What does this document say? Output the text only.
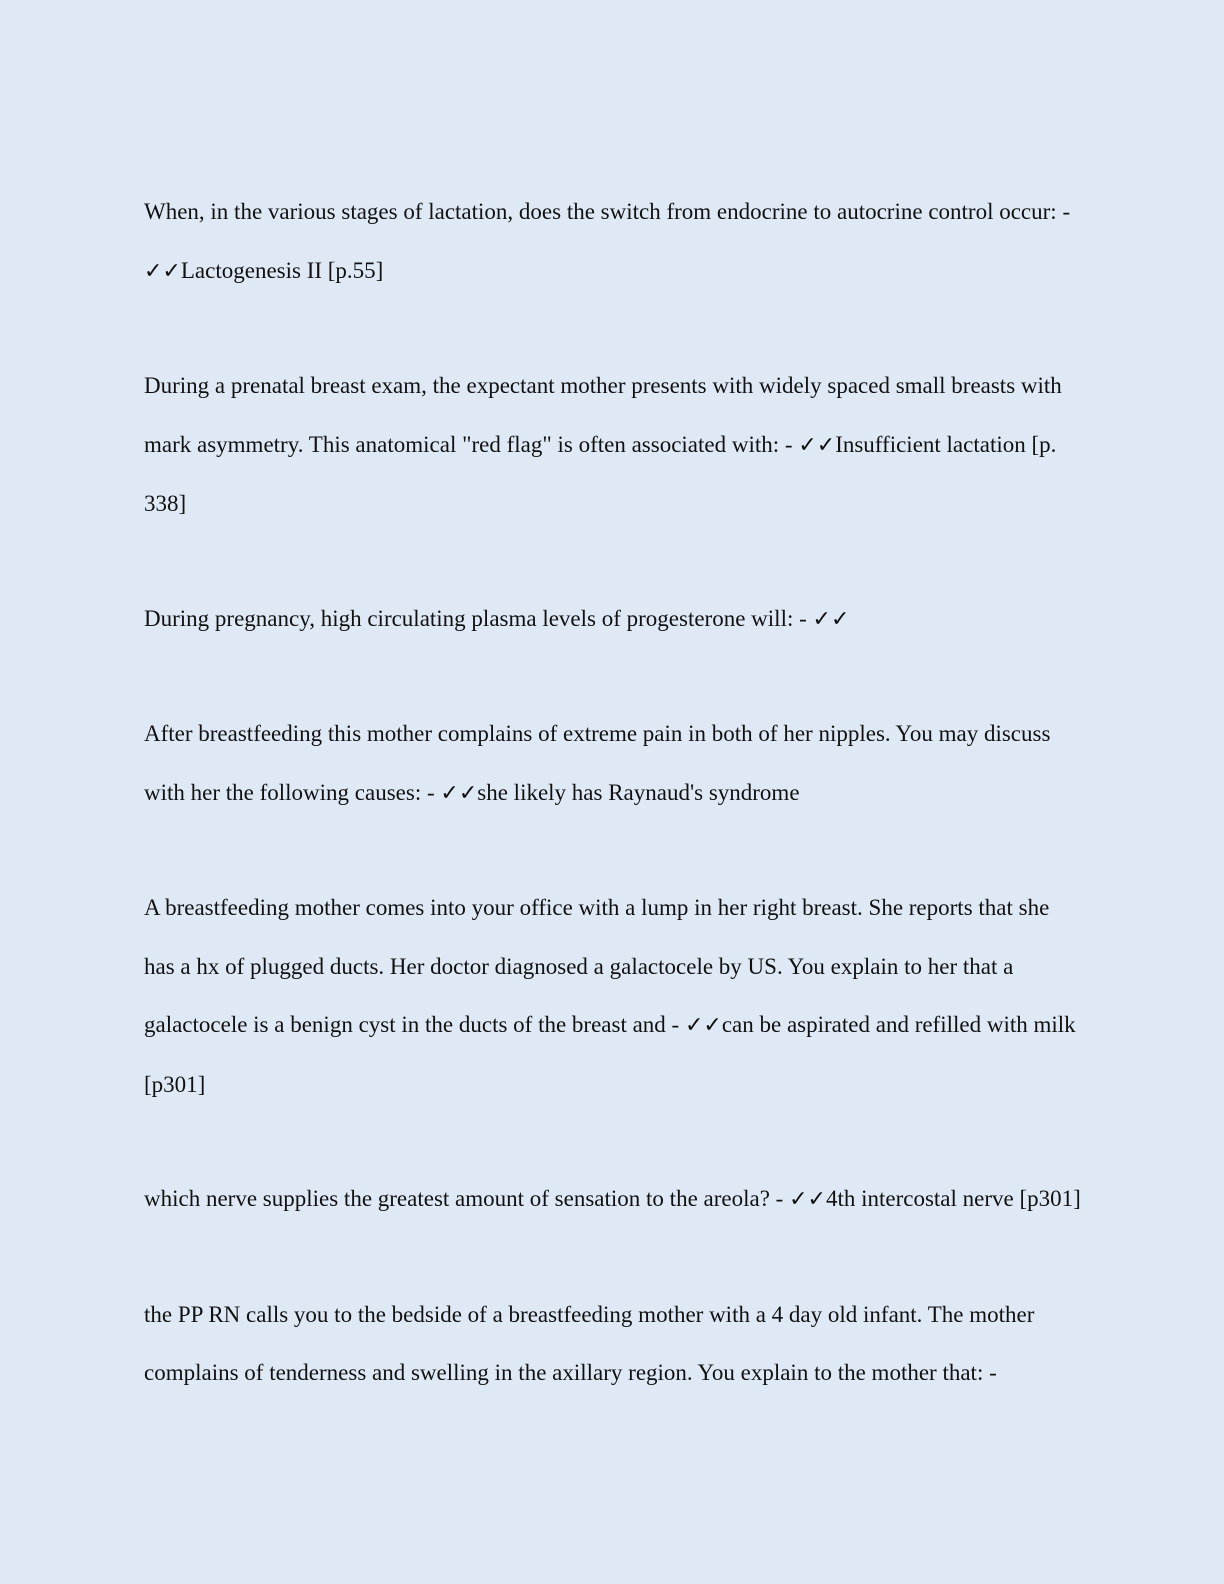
When, in the various stages of lactation, does the switch from endocrine to autocrine control occur: - ✓✓Lactogenesis II [p.55]

During a prenatal breast exam, the expectant mother presents with widely spaced small breasts with mark asymmetry. This anatomical "red flag" is often associated with: - ✓✓Insufficient lactation [p. 338]

During pregnancy, high circulating plasma levels of progesterone will: - ✓✓

After breastfeeding this mother complains of extreme pain in both of her nipples. You may discuss with her the following causes: - ✓✓she likely has Raynaud's syndrome

A breastfeeding mother comes into your office with a lump in her right breast. She reports that she has a hx of plugged ducts. Her doctor diagnosed a galactocele by US. You explain to her that a galactocele is a benign cyst in the ducts of the breast and - ✓✓can be aspirated and refilled with milk [p301]

which nerve supplies the greatest amount of sensation to the areola? - ✓✓4th intercostal nerve [p301]

the PP RN calls you to the bedside of a breastfeeding mother with a 4 day old infant. The mother complains of tenderness and swelling in the axillary region. You explain to the mother that: -
